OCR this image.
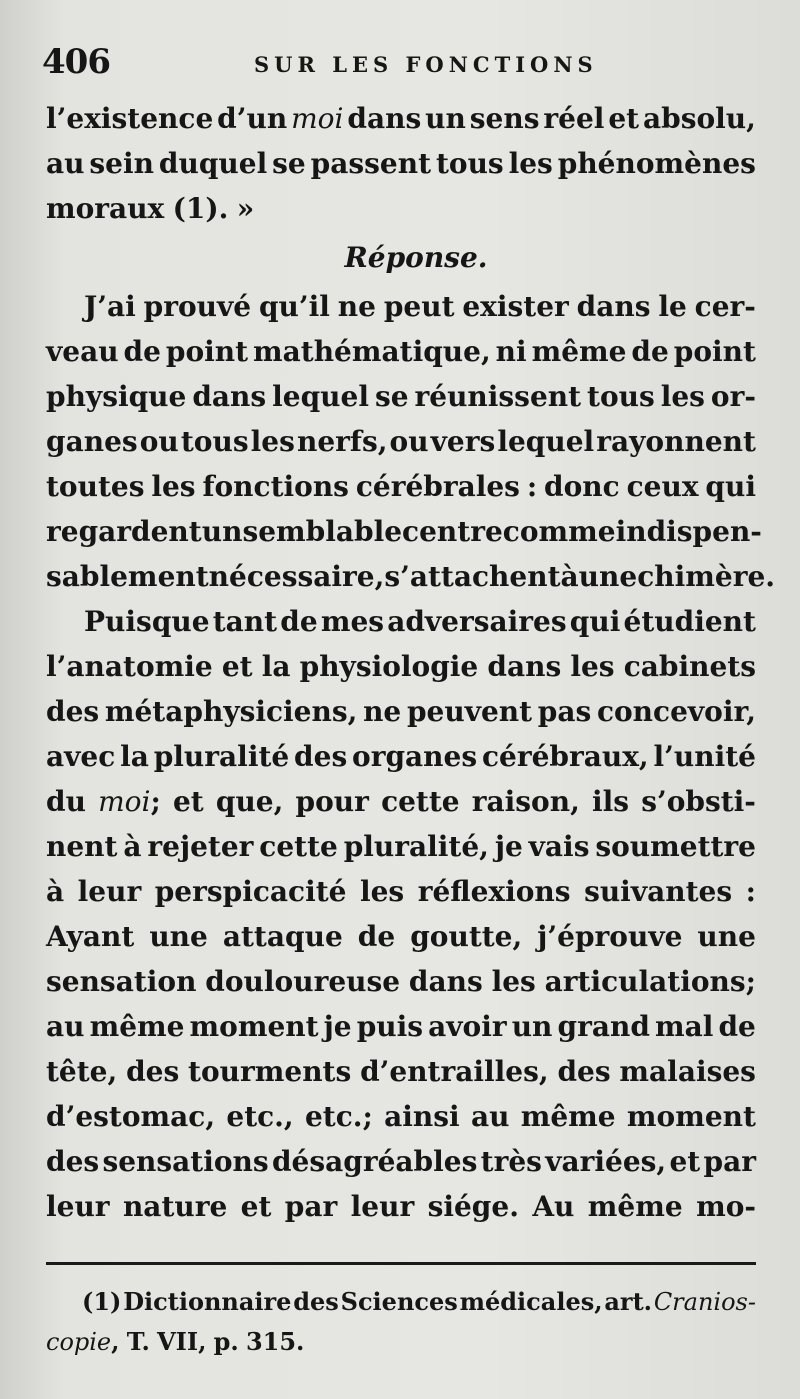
406	SUR LES FONCTIONS
l’existence d’un moi dans un sens réel et absolu,
au sein duquel se passent tous les phénomènes
moraux (1). »
Réponse.
J’ai prouvé qu’il ne peut exister dans le cer-
veau de point mathématique, ni même de point
physique dans lequel se réunissent tous les or-
ganes ou tous les nerfs, ou vers lequel rayonnent
toutes les fonctions cérébrales : donc ceux qui
regardent un semblable centre comme indispen-
sablement nécessaire, s’attachent à une chimère.
Puisque tant de mes adversaires qui étudient
l’anatomie et la physiologie dans les cabinets
des métaphysiciens, ne peuvent pas concevoir,
avec la pluralité des organes cérébraux, l’unité
du moi; et que, pour cette raison, ils s’obsti-
nent à rejeter cette pluralité, je vais soumettre
à leur perspicacité les réflexions suivantes :
Ayant une attaque de goutte, j’éprouve une
sensation douloureuse dans les articulations;
au même moment je puis avoir un grand mal de
tête, des tourments d’entrailles, des malaises
d’estomac, etc., etc.; ainsi au même moment
des sensations désagréables très variées, et par
leur nature et par leur siége. Au même mo-
(1) Dictionnaire des Sciences médicales, art. Cranios-
copie, T. VII, p. 315.
